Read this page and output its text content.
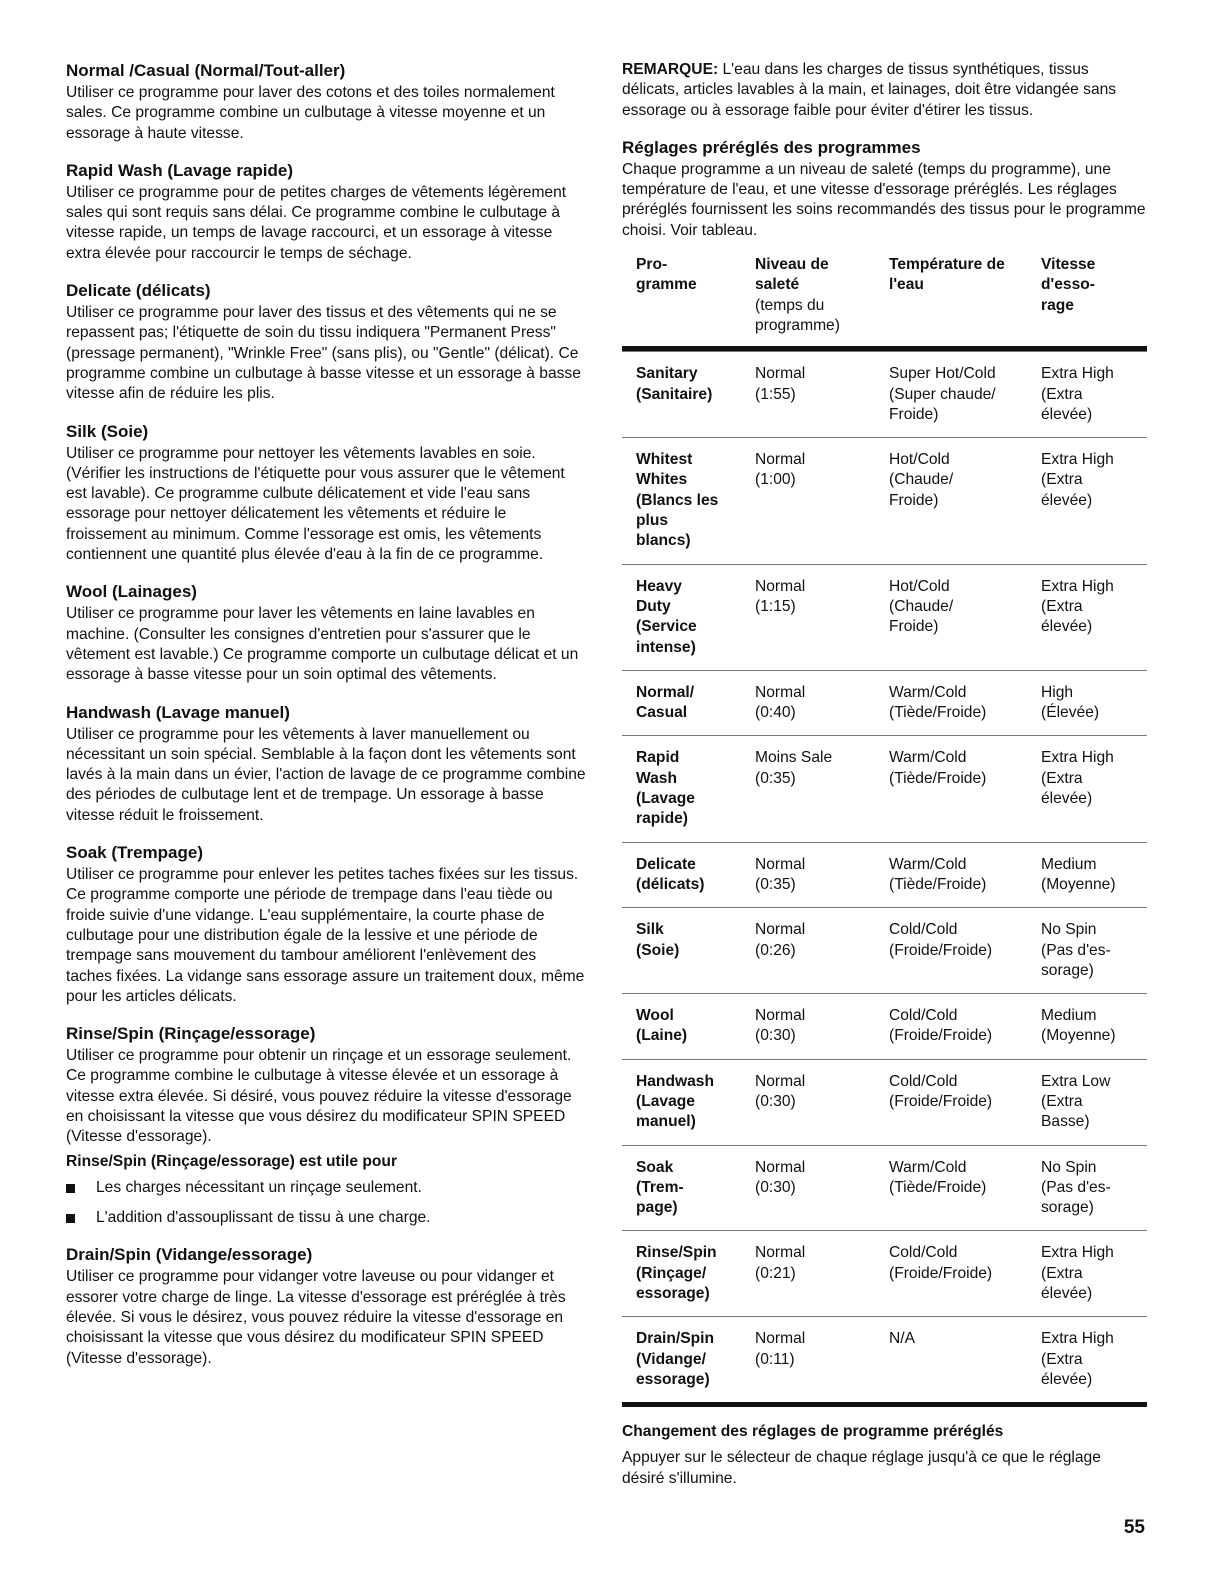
Normal /Casual (Normal/Tout-aller)

Utiliser ce programme pour laver des cotons et des toiles normalement sales. Ce programme combine un culbutage à vitesse moyenne et un essorage à haute vitesse.

Rapid Wash (Lavage rapide)

Utiliser ce programme pour de petites charges de vêtements légèrement sales qui sont requis sans délai. Ce programme combine le culbutage à vitesse rapide, un temps de lavage raccourci, et un essorage à vitesse extra élevée pour raccourcir le temps de séchage.

Delicate (délicats)

Utiliser ce programme pour laver des tissus et des vêtements qui ne se repassent pas; l'étiquette de soin du tissu indiquera "Permanent Press" (pressage permanent), "Wrinkle Free" (sans plis), ou "Gentle" (délicat). Ce programme combine un culbutage à basse vitesse et un essorage à basse vitesse afin de réduire les plis.

Silk (Soie)

Utiliser ce programme pour nettoyer les vêtements lavables en soie. (Vérifier les instructions de l'étiquette pour vous assurer que le vêtement est lavable). Ce programme culbute délicatement et vide l'eau sans essorage pour nettoyer délicatement les vêtements et réduire le froissement au minimum. Comme l'essorage est omis, les vêtements contiennent une quantité plus élevée d'eau à la fin de ce programme.

Wool (Lainages)

Utiliser ce programme pour laver les vêtements en laine lavables en machine. (Consulter les consignes d'entretien pour s'assurer que le vêtement est lavable.) Ce programme comporte un culbutage délicat et un essorage à basse vitesse pour un soin optimal des vêtements.

Handwash (Lavage manuel)

Utiliser ce programme pour les vêtements à laver manuellement ou nécessitant un soin spécial. Semblable à la façon dont les vêtements sont lavés à la main dans un évier, l'action de lavage de ce programme combine des périodes de culbutage lent et de trempage. Un essorage à basse vitesse réduit le froissement.

Soak (Trempage)

Utiliser ce programme pour enlever les petites taches fixées sur les tissus. Ce programme comporte une période de trempage dans l'eau tiède ou froide suivie d'une vidange. L'eau supplémentaire, la courte phase de culbutage pour une distribution égale de la lessive et une période de trempage sans mouvement du tambour améliorent l'enlèvement des taches fixées. La vidange sans essorage assure un traitement doux, même pour les articles délicats.

Rinse/Spin (Rinçage/essorage)

Utiliser ce programme pour obtenir un rinçage et un essorage seulement. Ce programme combine le culbutage à vitesse élevée et un essorage à vitesse extra élevée. Si désiré, vous pouvez réduire la vitesse d'essorage en choisissant la vitesse que vous désirez du modificateur SPIN SPEED (Vitesse d'essorage).

Rinse/Spin (Rinçage/essorage) est utile pour

Les charges nécessitant un rinçage seulement.
L'addition d'assouplissant de tissu à une charge.
Drain/Spin (Vidange/essorage)

Utiliser ce programme pour vidanger votre laveuse ou pour vidanger et essorer votre charge de linge. La vitesse d'essorage est préréglée à très élevée. Si vous le désirez, vous pouvez réduire la vitesse d'essorage en choisissant la vitesse que vous désirez du modificateur SPIN SPEED (Vitesse d'essorage).

REMARQUE: L'eau dans les charges de tissus synthétiques, tissus délicats, articles lavables à la main, et lainages, doit être vidangée sans essorage ou à essorage faible pour éviter d'étirer les tissus.

Réglages préréglés des programmes

Chaque programme a un niveau de saleté (temps du programme), une température de l'eau, et une vitesse d'essorage préréglés. Les réglages préréglés fournissent les soins recommandés des tissus pour le programme choisi. Voir tableau.

Pro-
gramme
Niveau de
saleté
(temps du
programme)
Température de
l'eau
Vitesse
d'esso-
rage
Sanitary
(Sanitaire)
Normal
(1:55)
Super Hot/Cold
(Super chaude/
Froide)
Extra High
(Extra
élevée)
Whitest
Whites
(Blancs les
plus
blancs)
Normal
(1:00)
Hot/Cold
(Chaude/
Froide)
Extra High
(Extra
élevée)
Heavy
Duty
(Service
intense)
Normal
(1:15)
Hot/Cold
(Chaude/
Froide)
Extra High
(Extra
élevée)
Normal/
Casual
Normal
(0:40)
Warm/Cold
(Tiède/Froide)
High
(Élevée)
Rapid
Wash
(Lavage
rapide)
Moins Sale
(0:35)
Warm/Cold
(Tiède/Froide)
Extra High
(Extra
élevée)
Delicate
(délicats)
Normal
(0:35)
Warm/Cold
(Tiède/Froide)
Medium
(Moyenne)
Silk
(Soie)
Normal
(0:26)
Cold/Cold
(Froide/Froide)
No Spin
(Pas d'es-
sorage)
Wool
(Laine)
Normal
(0:30)
Cold/Cold
(Froide/Froide)
Medium
(Moyenne)
Handwash
(Lavage
manuel)
Normal
(0:30)
Cold/Cold
(Froide/Froide)
Extra Low
(Extra
Basse)
Soak
(Trem-
page)
Normal
(0:30)
Warm/Cold
(Tiède/Froide)
No Spin
(Pas d'es-
sorage)
Rinse/Spin
(Rinçage/
essorage)
Normal
(0:21)
Cold/Cold
(Froide/Froide)
Extra High
(Extra
élevée)
Drain/Spin
(Vidange/
essorage)
Normal
(0:11)
N/A	Extra High
(Extra
élevée)
Changement des réglages de programme préréglés

Appuyer sur le sélecteur de chaque réglage jusqu'à ce que le réglage désiré s'illumine.

55
